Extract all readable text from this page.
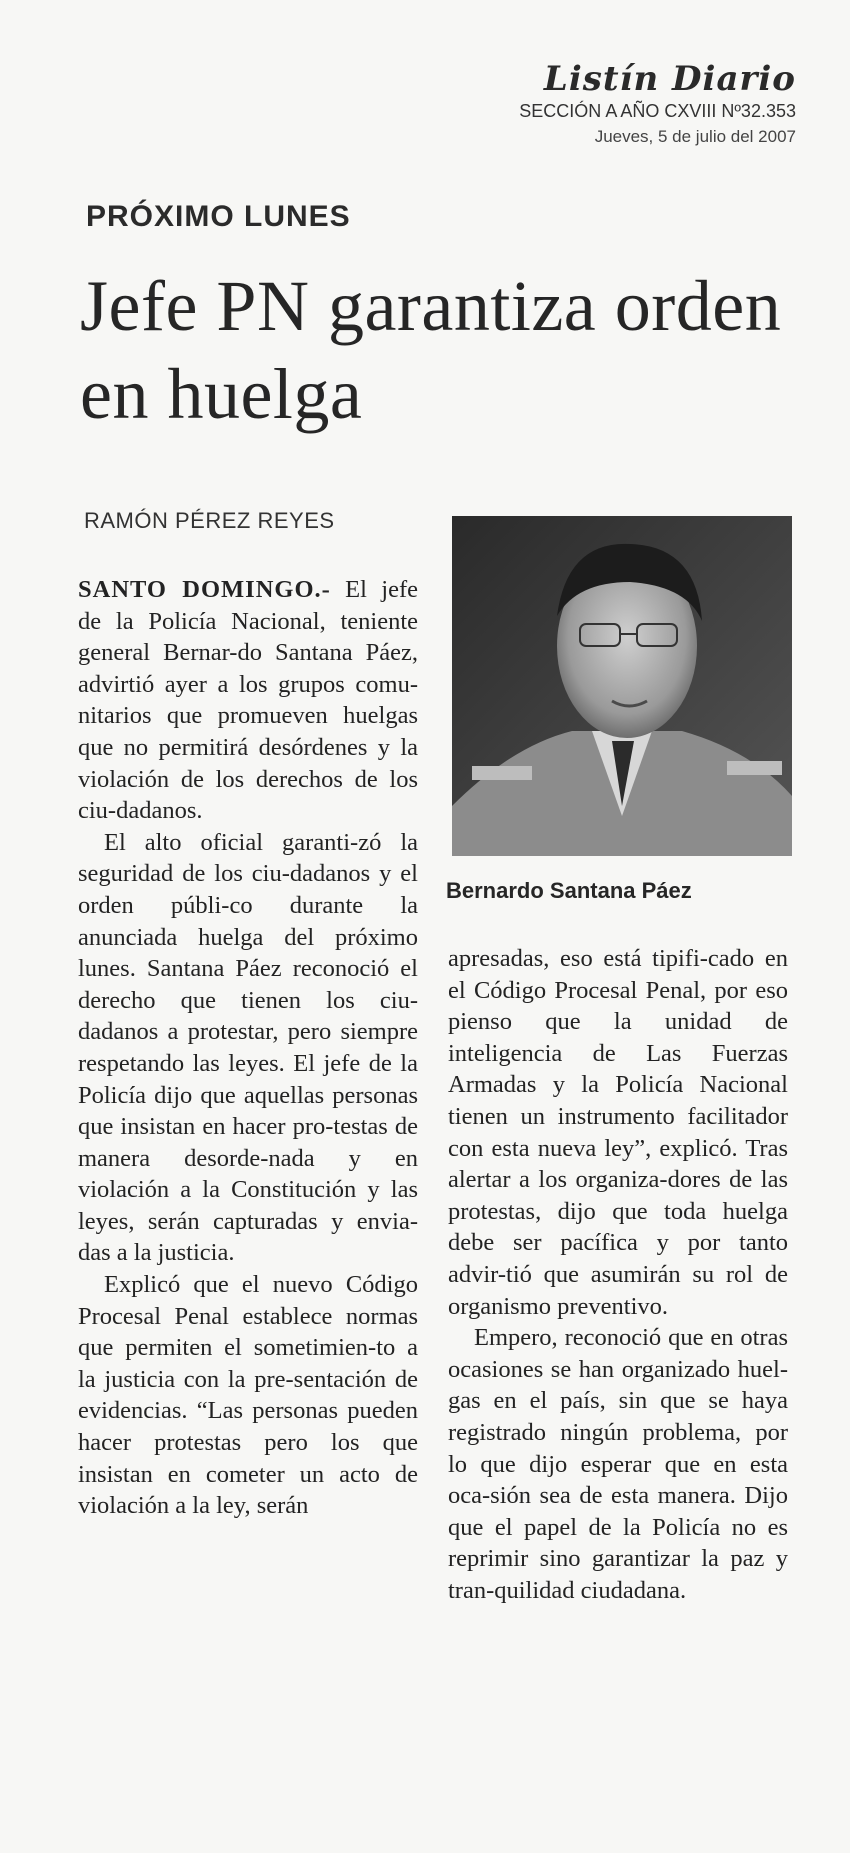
Listín Diario
SECCIÓN A AÑO CXVIII Nº32.353
Jueves, 5 de julio del 2007
PRÓXIMO LUNES
Jefe PN garantiza orden en huelga
RAMÓN PÉREZ REYES
Bernardo Santana Páez

SANTO DOMINGO.- El jefe de la Policía Nacional, teniente general Bernar-do Santana Páez, advirtió ayer a los grupos comu-nitarios que promueven huelgas que no permitirá desórdenes y la violación de los derechos de los ciu-dadanos.

El alto oficial garanti-zó la seguridad de los ciu-dadanos y el orden públi-co durante la anunciada huelga del próximo lunes. Santana Páez reconoció el derecho que tienen los ciu-dadanos a protestar, pero siempre respetando las leyes. El jefe de la Policía dijo que aquellas personas que insistan en hacer pro-testas de manera desorde-nada y en violación a la Constitución y las leyes, serán capturadas y envia-das a la justicia.

Explicó que el nuevo Código Procesal Penal establece normas que permiten el sometimien-to a la justicia con la pre-sentación de evidencias. “Las personas pueden hacer protestas pero los que insistan en cometer un acto de violación a la ley, serán

apresadas, eso está tipifi-cado en el Código Procesal Penal, por eso pienso que la unidad de inteligencia de Las Fuerzas Armadas y la Policía Nacional tienen un instrumento facilitador con esta nueva ley”, explicó. Tras alertar a los organiza-dores de las protestas, dijo que toda huelga debe ser pacífica y por tanto advir-tió que asumirán su rol de organismo preventivo.

Empero, reconoció que en otras ocasiones se han organizado huel-gas en el país, sin que se haya registrado ningún problema, por lo que dijo esperar que en esta oca-sión sea de esta manera. Dijo que el papel de la Policía no es reprimir sino garantizar la paz y tran-quilidad ciudadana.
